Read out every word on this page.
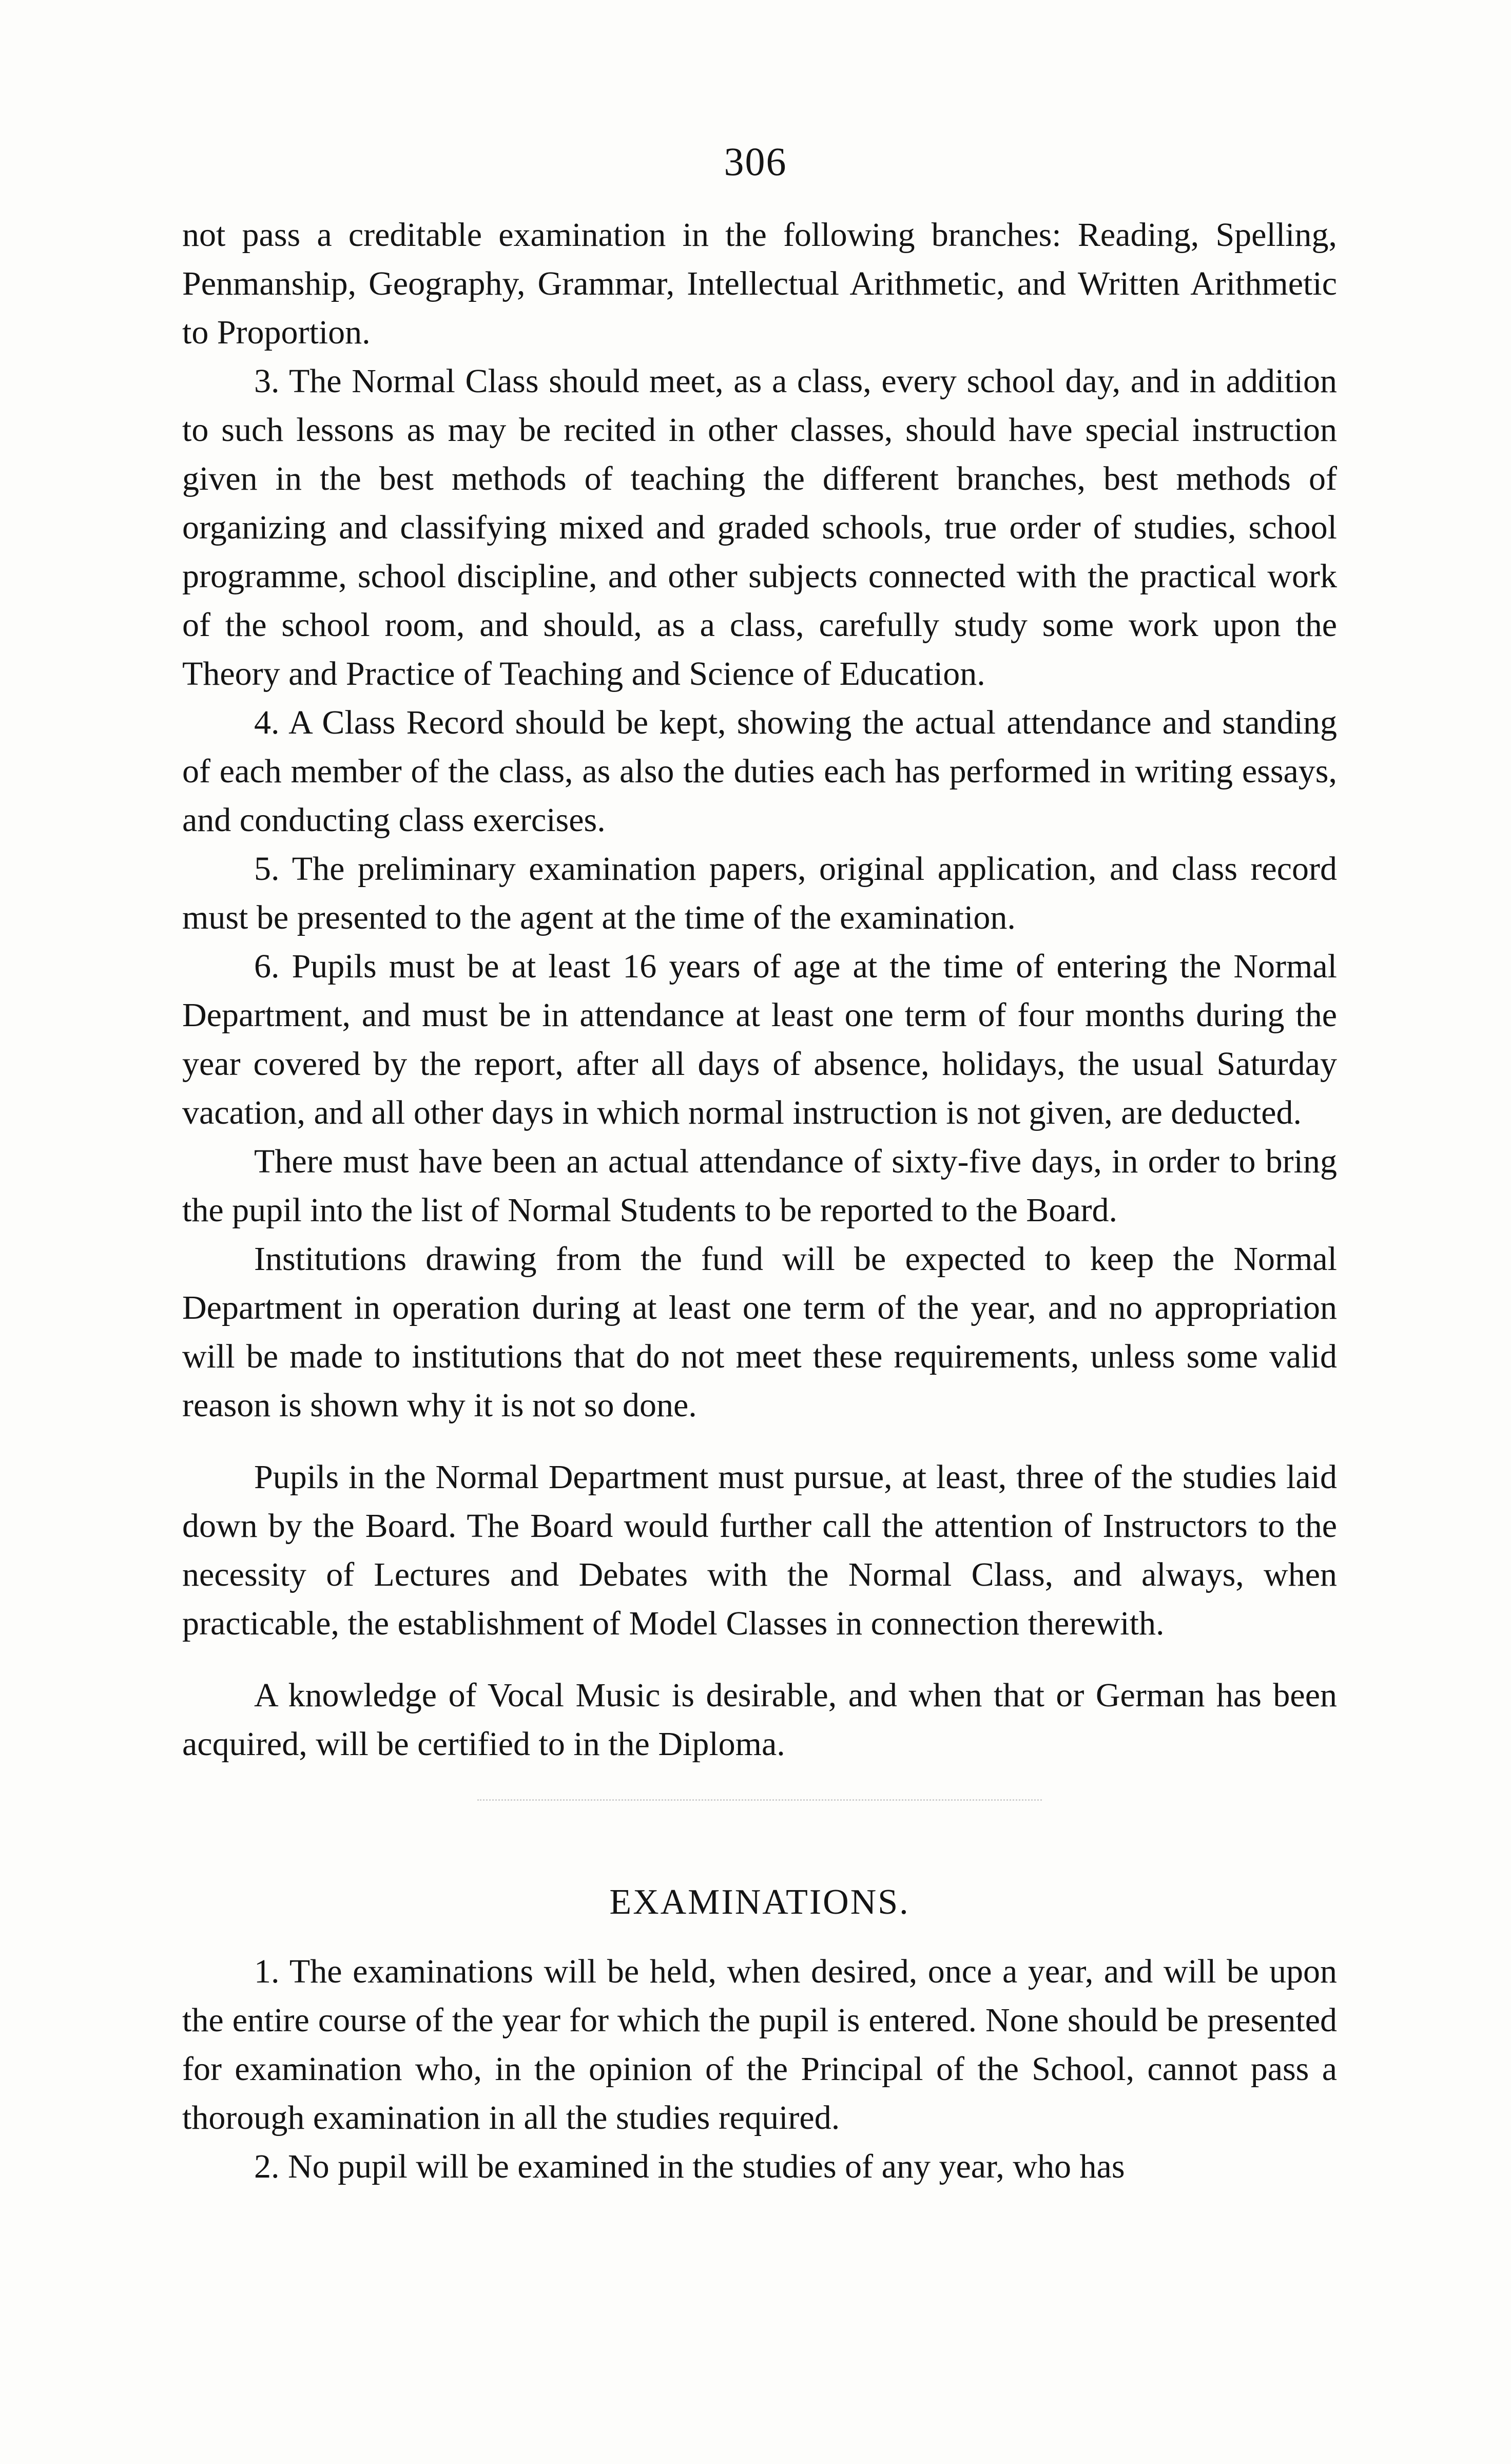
306

not pass a creditable examination in the following branches: Reading, Spelling, Penmanship, Geography, Grammar, Intellectual Arithmetic, and Written Arithmetic to Proportion.

3. The Normal Class should meet, as a class, every school day, and in addition to such lessons as may be recited in other classes, should have special instruction given in the best methods of teaching the different branches, best methods of organizing and classifying mixed and graded schools, true order of studies, school programme, school discipline, and other subjects connected with the practical work of the school room, and should, as a class, carefully study some work upon the Theory and Practice of Teaching and Science of Education.

4. A Class Record should be kept, showing the actual attendance and standing of each member of the class, as also the duties each has performed in writing essays, and conducting class exercises.

5. The preliminary examination papers, original application, and class record must be presented to the agent at the time of the examination.

6. Pupils must be at least 16 years of age at the time of entering the Normal Department, and must be in attendance at least one term of four months during the year covered by the report, after all days of absence, holidays, the usual Saturday vacation, and all other days in which normal instruction is not given, are deducted.

There must have been an actual attendance of sixty-five days, in order to bring the pupil into the list of Normal Students to be reported to the Board.

Institutions drawing from the fund will be expected to keep the Normal Department in operation during at least one term of the year, and no appropriation will be made to institutions that do not meet these requirements, unless some valid reason is shown why it is not so done.

Pupils in the Normal Department must pursue, at least, three of the studies laid down by the Board. The Board would further call the attention of Instructors to the necessity of Lectures and Debates with the Normal Class, and always, when practicable, the establishment of Model Classes in connection therewith.

A knowledge of Vocal Music is desirable, and when that or German has been acquired, will be certified to in the Diploma.

EXAMINATIONS.

1. The examinations will be held, when desired, once a year, and will be upon the entire course of the year for which the pupil is entered. None should be presented for examination who, in the opinion of the Principal of the School, cannot pass a thorough examination in all the studies required.

2. No pupil will be examined in the studies of any year, who has
